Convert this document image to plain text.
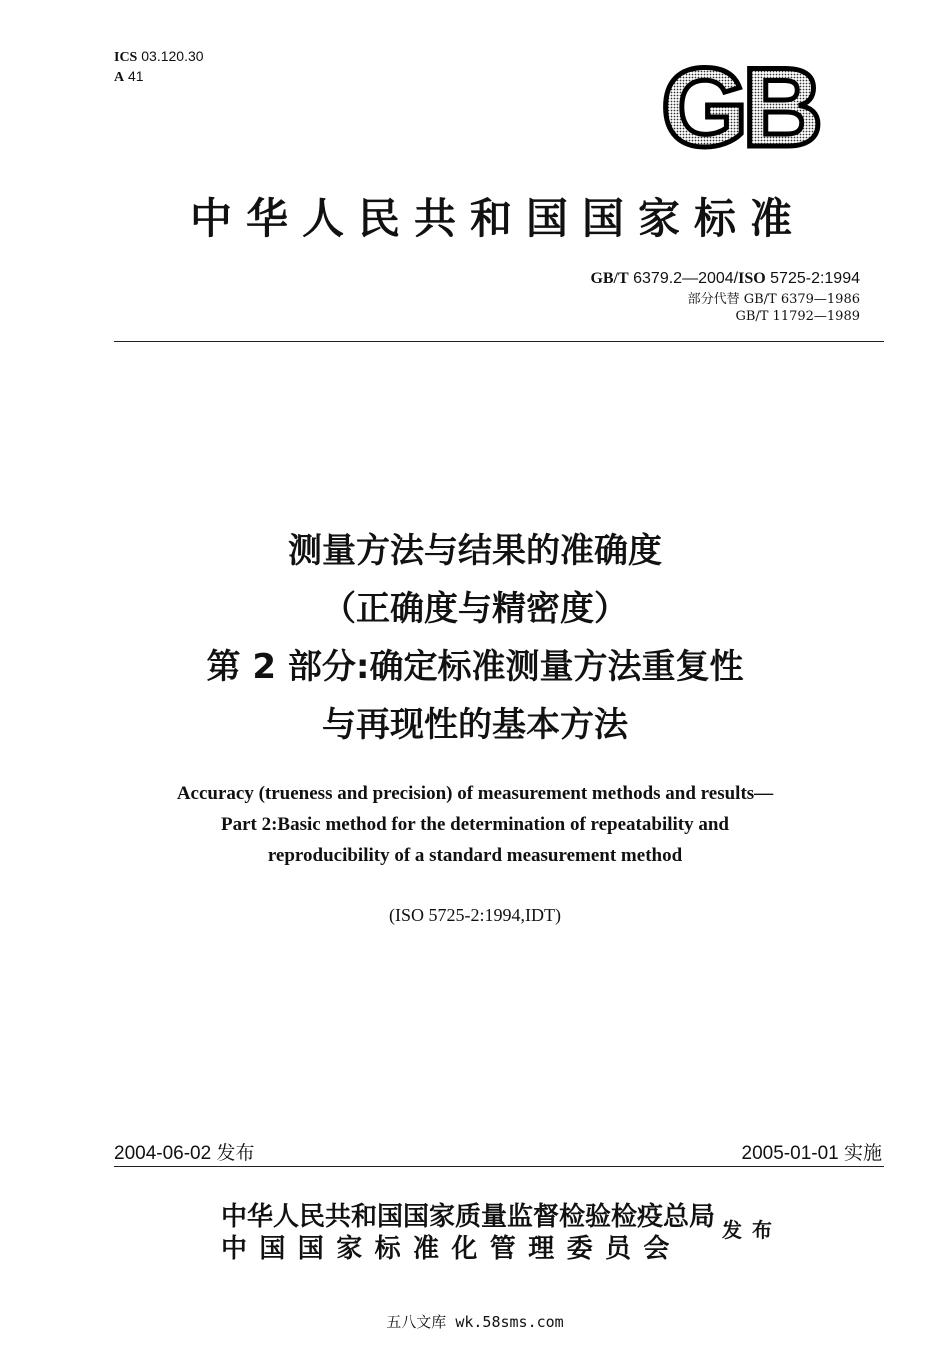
ICS 03.120.30
A 41	GB
中华人民共和国国家标准
GB/T 6379.2—2004/ISO 5725-2:1994
部分代替 GB/T 6379—1986
GB/T 11792—1989
测量方法与结果的准确度
（正确度与精密度）
第 2 部分:确定标准测量方法重复性
与再现性的基本方法
Accuracy (trueness and precision) of measurement methods and results—
Part 2:Basic method for the determination of repeatability and
reproducibility of a standard measurement method
(ISO 5725-2:1994,IDT)
2004-06-02 发布	2005-01-01 实施
中华人民共和国国家质量监督检验检疫总局
中国国家标准化管理委员会
发布
五八文库 wk.58sms.com
